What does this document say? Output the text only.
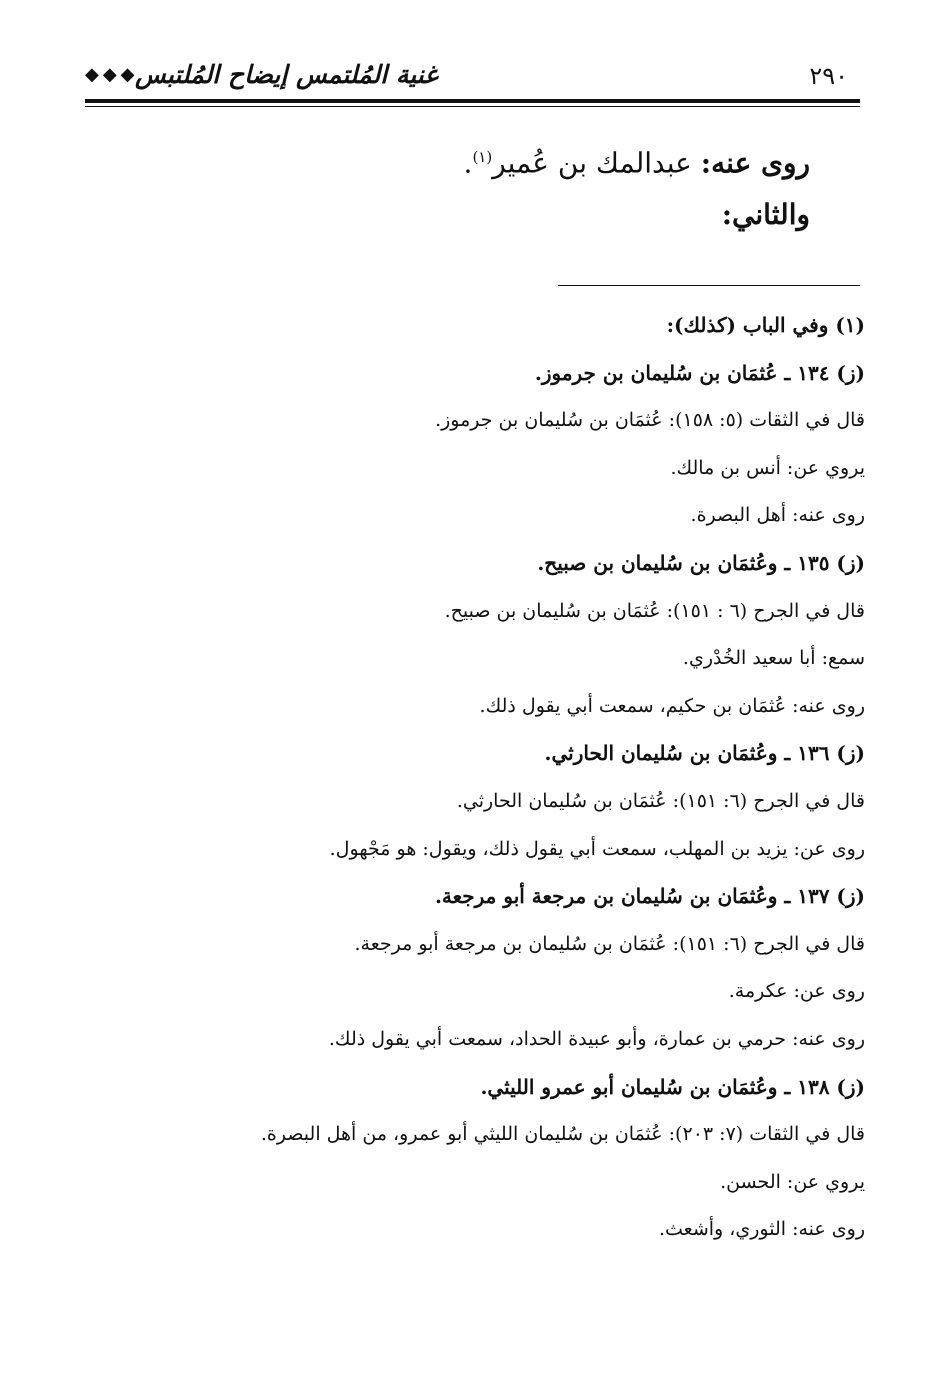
٢٩٠
غنية المُلتمس إيضاح المُلتبس
◆◆◆
روى عنه: عبدالمك بن عُمير$^{(١)}$.
والثاني:
(١) وفي الباب (كذلك):
(ز) ١٣٤ ـ عُثمَان بن سُليمان بن جرموز.
قال في الثقات (٥: ١٥٨): عُثمَان بن سُليمان بن جرموز.
يروي عن: أنس بن مالك.
روى عنه: أهل البصرة.
(ز) ١٣٥ ـ وعُثمَان بن سُليمان بن صبيح.
قال في الجرح (٦ : ١٥١): عُثمَان بن سُليمان بن صبيح.
سمع: أبا سعيد الخُدْري.
روى عنه: عُثمَان بن حكيم، سمعت أبي يقول ذلك.
(ز) ١٣٦ ـ وعُثمَان بن سُليمان الحارثي.
قال في الجرح (٦: ١٥١): عُثمَان بن سُليمان الحارثي.
روى عن: يزيد بن المهلب، سمعت أبي يقول ذلك، ويقول: هو مَجْهول.
(ز) ١٣٧ ـ وعُثمَان بن سُليمان بن مرجعة أبو مرجعة.
قال في الجرح (٦: ١٥١): عُثمَان بن سُليمان بن مرجعة أبو مرجعة.
روى عن: عكرمة.
روى عنه: حرمي بن عمارة، وأبو عبيدة الحداد، سمعت أبي يقول ذلك.
(ز) ١٣٨ ـ وعُثمَان بن سُليمان أبو عمرو الليثي.
قال في الثقات (٧: ٢٠٣): عُثمَان بن سُليمان الليثي أبو عمرو، من أهل البصرة.
يروي عن: الحسن.
روى عنه: الثوري، وأشعث.
